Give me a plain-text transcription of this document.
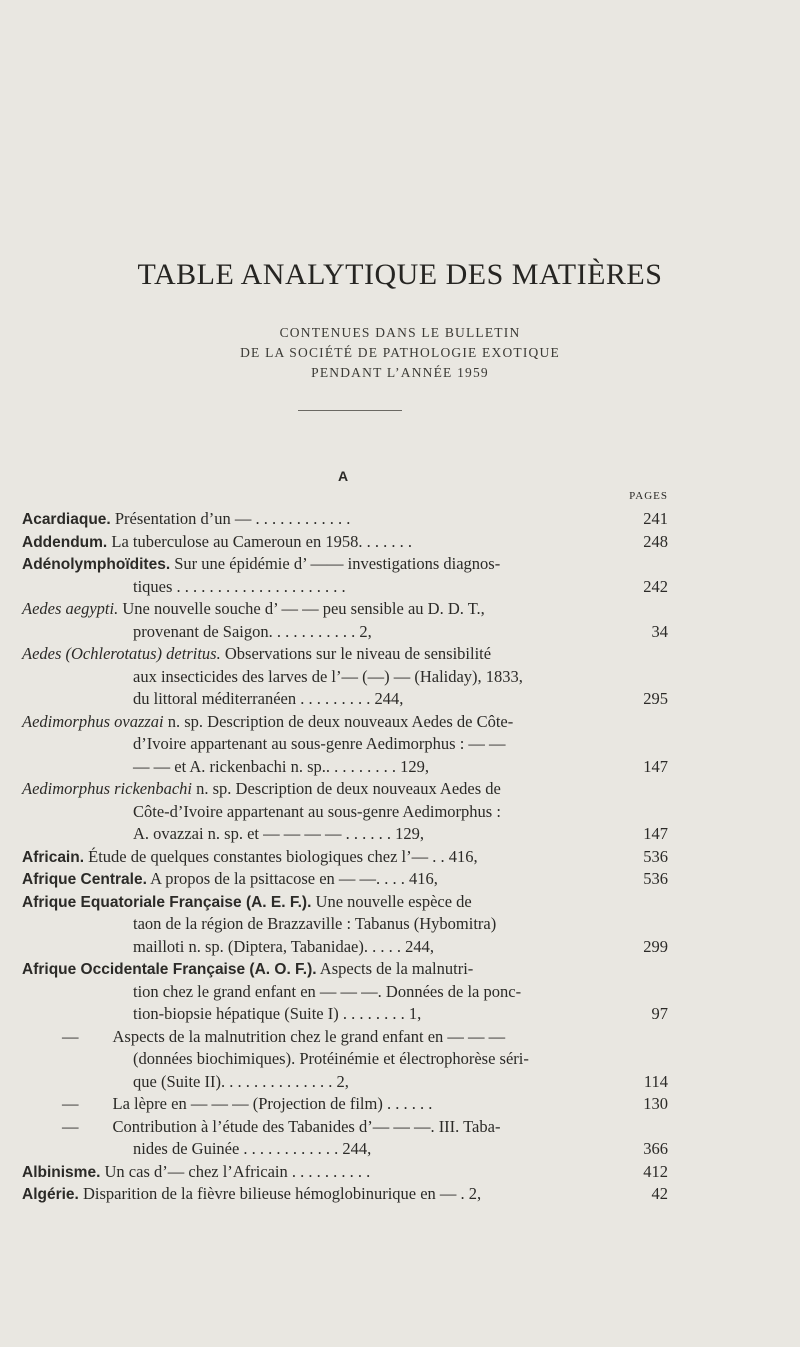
TABLE ANALYTIQUE DES MATIÈRES
CONTENUES DANS LE BULLETIN
DE LA SOCIÉTÉ DE PATHOLOGIE EXOTIQUE
PENDANT L’ANNÉE 1959
A
PAGES
Acardiaque. Présentation d’un — . . . . . . . . . . . .	241
Addendum. La tuberculose au Cameroun en 1958. . . . . . .	248
Adénolymphoïdites. Sur une épidémie d’ —— investigations diagnos-
tiques . . . . . . . . . . . . . . . . . . . . .	242
Aedes aegypti. Une nouvelle souche d’ — — peu sensible au D. D. T.,
provenant de Saigon. . . . . . . . . . . 2,	34
Aedes (Ochlerotatus) detritus. Observations sur le niveau de sensibilité
aux insecticides des larves de l’— (—) — (Haliday), 1833,
du littoral méditerranéen . . . . . . . . . 244,	295
Aedimorphus ovazzai n. sp. Description de deux nouveaux Aedes de Côte-
d’Ivoire appartenant au sous-genre Aedimorphus : — —
— — et A. rickenbachi n. sp.. . . . . . . . . 129,	147
Aedimorphus rickenbachi n. sp. Description de deux nouveaux Aedes de
Côte-d’Ivoire appartenant au sous-genre Aedimorphus :
A. ovazzai n. sp. et — — — — . . . . . . 129,	147
Africain. Étude de quelques constantes biologiques chez l’— . . 416,	536
Afrique Centrale. A propos de la psittacose en — —. . . . 416,	536
Afrique Equatoriale Française (A. E. F.). Une nouvelle espèce de
taon de la région de Brazzaville : Tabanus (Hybomitra)
mailloti n. sp. (Diptera, Tabanidae). . . . . 244,	299
Afrique Occidentale Française (A. O. F.). Aspects de la malnutri-
tion chez le grand enfant en — — —. Données de la ponc-
tion-biopsie hépatique (Suite I) . . . . . . . . 1,	97
— Aspects de la malnutrition chez le grand enfant en — — —
(données biochimiques). Protéinémie et électrophorèse séri-
que (Suite II). . . . . . . . . . . . . . 2,	114
— La lèpre en — — — (Projection de film) . . . . . .	130
— Contribution à l’étude des Tabanides d’— — —. III. Taba-
nides de Guinée . . . . . . . . . . . . 244,	366
Albinisme. Un cas d’— chez l’Africain . . . . . . . . . .	412
Algérie. Disparition de la fièvre bilieuse hémoglobinurique en — . 2,	42
